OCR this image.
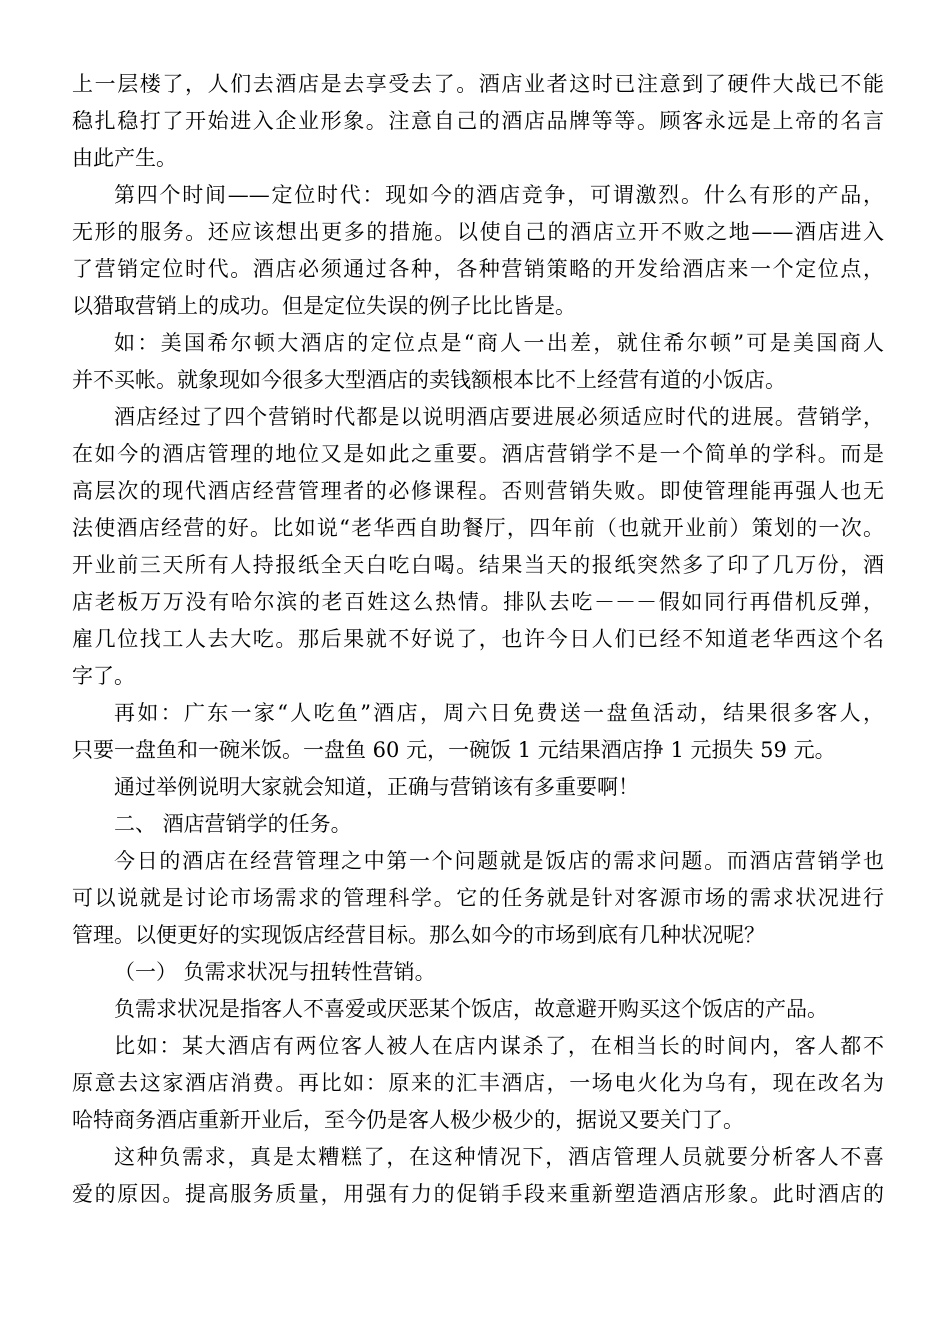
上一层楼了，人们去酒店是去享受去了。酒店业者这时已注意到了硬件大战已不能
稳扎稳打了开始进入企业形象。注意自己的酒店品牌等等。顾客永远是上帝的名言
由此产生。
第四个时间——定位时代：现如今的酒店竞争，可谓激烈。什么有形的产品，
无形的服务。还应该想出更多的措施。以使自己的酒店立开不败之地——酒店进入
了营销定位时代。酒店必须通过各种，各种营销策略的开发给酒店来一个定位点，
以猎取营销上的成功。但是定位失误的例子比比皆是。
如：美国希尔顿大酒店的定位点是“商人一出差，就住希尔顿”可是美国商人
并不买帐。就象现如今很多大型酒店的卖钱额根本比不上经营有道的小饭店。
酒店经过了四个营销时代都是以说明酒店要进展必须适应时代的进展。营销学，
在如今的酒店管理的地位又是如此之重要。酒店营销学不是一个简单的学科。而是
高层次的现代酒店经营管理者的必修课程。否则营销失败。即使管理能再强人也无
法使酒店经营的好。比如说“老华西自助餐厅，四年前（也就开业前）策划的一次。
开业前三天所有人持报纸全天白吃白喝。结果当天的报纸突然多了印了几万份，酒
店老板万万没有哈尔滨的老百姓这么热情。排队去吃－－－假如同行再借机反弹，
雇几位找工人去大吃。那后果就不好说了，也许今日人们已经不知道老华西这个名
字了。
再如：广东一家“人吃鱼”酒店，周六日免费送一盘鱼活动，结果很多客人，
只要一盘鱼和一碗米饭。一盘鱼 60 元，一碗饭 1 元结果酒店挣 1 元损失 59 元。
通过举例说明大家就会知道，正确与营销该有多重要啊！
二、 酒店营销学的任务。
今日的酒店在经营管理之中第一个问题就是饭店的需求问题。而酒店营销学也
可以说就是讨论市场需求的管理科学。它的任务就是针对客源市场的需求状况进行
管理。以便更好的实现饭店经营目标。那么如今的市场到底有几种状况呢？
（一） 负需求状况与扭转性营销。
负需求状况是指客人不喜爱或厌恶某个饭店，故意避开购买这个饭店的产品。
比如：某大酒店有两位客人被人在店内谋杀了，在相当长的时间内，客人都不
原意去这家酒店消费。再比如：原来的汇丰酒店，一场电火化为乌有，现在改名为
哈特商务酒店重新开业后，至今仍是客人极少极少的，据说又要关门了。
这种负需求，真是太糟糕了，在这种情况下，酒店管理人员就要分析客人不喜
爱的原因。提高服务质量，用强有力的促销手段来重新塑造酒店形象。此时酒店的
